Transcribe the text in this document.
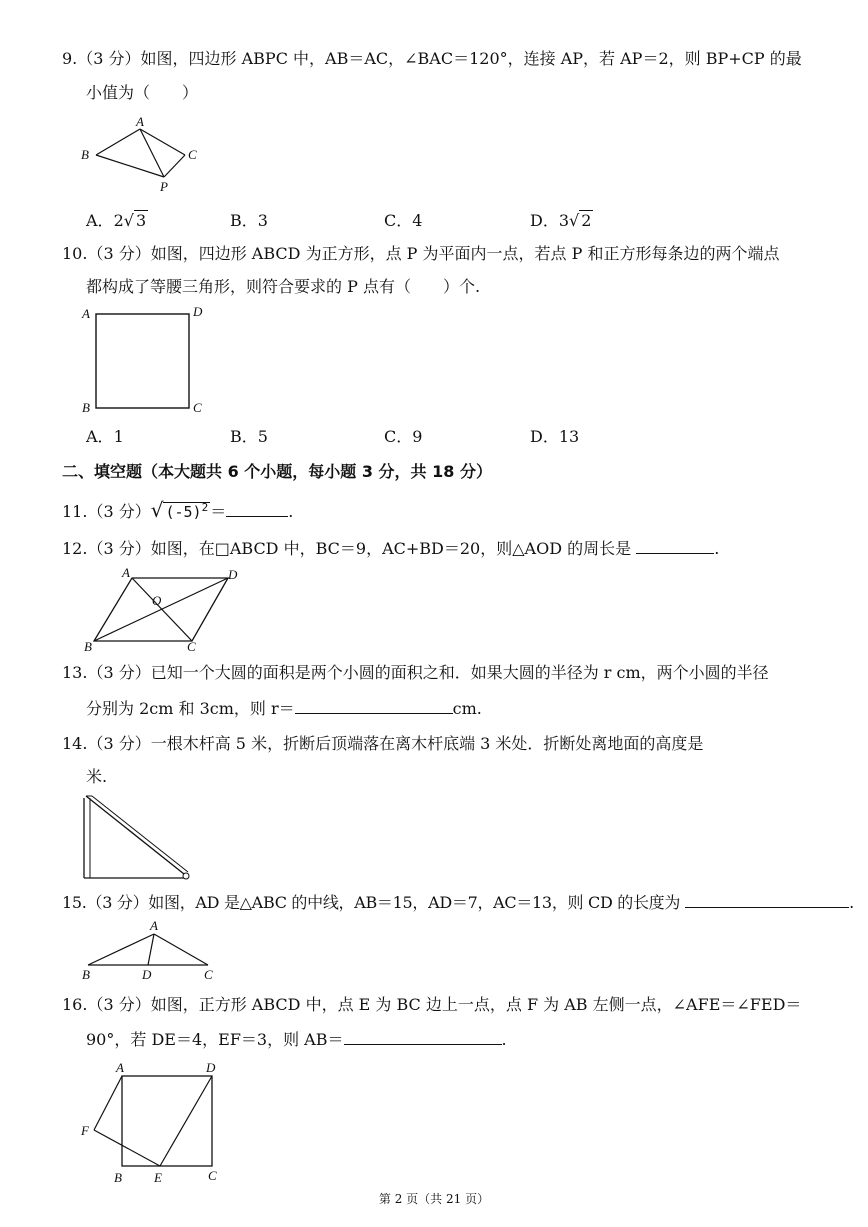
9.（3 分）如图，四边形 ABPC 中，AB＝AC，∠BAC＝120°，连接 AP，若 AP＝2，则 BP+CP 的最
小值为（　　）
A
B	C
P
A．2√ 3	B．3	C．4	D．3√ 2
10.（3 分）如图，四边形 ABCD 为正方形，点 P 为平面内一点，若点 P 和正方形每条边的两个端点
都构成了等腰三角形，则符合要求的 P 点有（　　）个.
A	D
B	C
A．1	B．5	C．9	D．13
二、填空题（本大题共 6 个小题，每小题 3 分，共 18 分）
11.（3 分）√ $(-5)^2$ ＝	.
12.（3 分）如图，在□ABCD 中，BC＝9，AC+BD＝20，则△AOD 的周长是	.
A	D
O
B	C
13.（3 分）已知一个大圆的面积是两个小圆的面积之和．如果大圆的半径为 r cm，两个小圆的半径
分别为 2cm 和 3cm，则 r＝	cm.
14.（3 分）一根木杆高 5 米，折断后顶端落在离木杆底端 3 米处．折断处离地面的高度是
米.
15.（3 分）如图，AD 是△ABC 的中线，AB＝15，AD＝7，AC＝13，则 CD 的长度为	.
A
B	D	C
16.（3 分）如图，正方形 ABCD 中，点 E 为 BC 边上一点，点 F 为 AB 左侧一点，∠AFE＝∠FED＝
90°，若 DE＝4，EF＝3，则 AB＝	.
A	D
F
B E	C
第 2 页（共 21 页）
